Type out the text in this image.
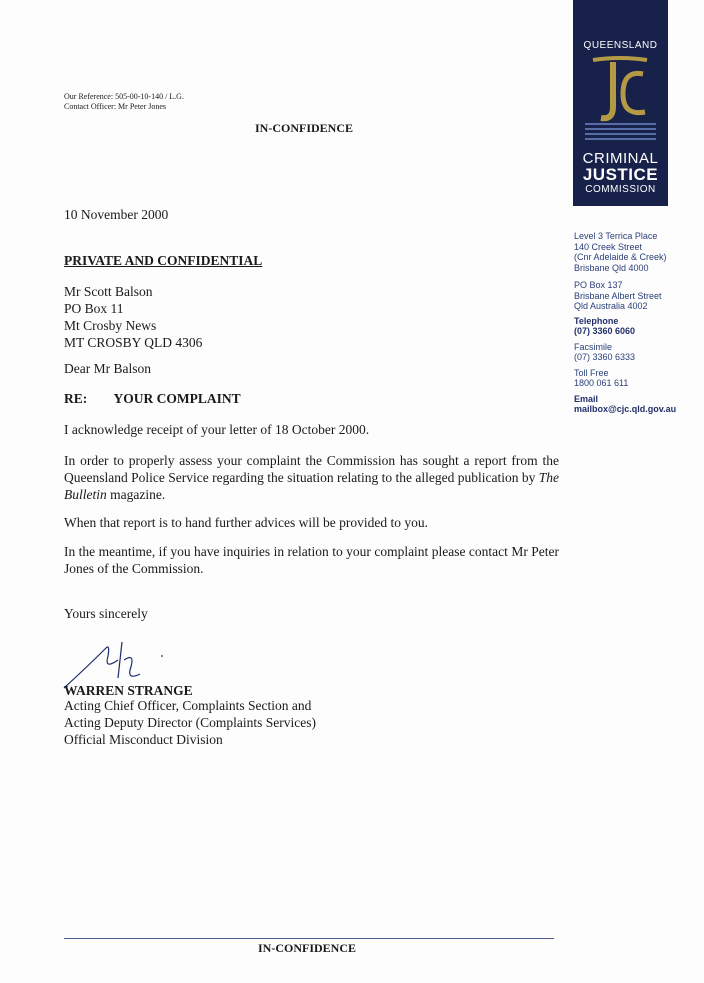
Our Reference: 505-00-10-140 / L.G.
Contact Officer: Mr Peter Jones
IN-CONFIDENCE
QUEENSLAND
CRIMINAL
JUSTICE
COMMISSION
Level 3 Terrica Place
140 Creek Street
(Cnr Adelaide & Creek)
Brisbane Qld 4000
PO Box 137
Brisbane Albert Street
Qld Australia 4002
Telephone
(07) 3360 6060
Facsimile
(07) 3360 6333
Toll Free
1800 061 611
Email
mailbox@cjc.qld.gov.au
10 November 2000
PRIVATE AND CONFIDENTIAL
Mr Scott Balson
PO Box 11
Mt Crosby News
MT CROSBY QLD 4306
Dear Mr Balson
RE: YOUR COMPLAINT
I acknowledge receipt of your letter of 18 October 2000.
In order to properly assess your complaint the Commission has sought a report from the Queensland Police Service regarding the situation relating to the alleged publication by The Bulletin magazine.
When that report is to hand further advices will be provided to you.
In the meantime, if you have inquiries in relation to your complaint please contact Mr Peter Jones of the Commission.
Yours sincerely
WARREN STRANGE
Acting Chief Officer, Complaints Section and
Acting Deputy Director (Complaints Services)
Official Misconduct Division
IN-CONFIDENCE
